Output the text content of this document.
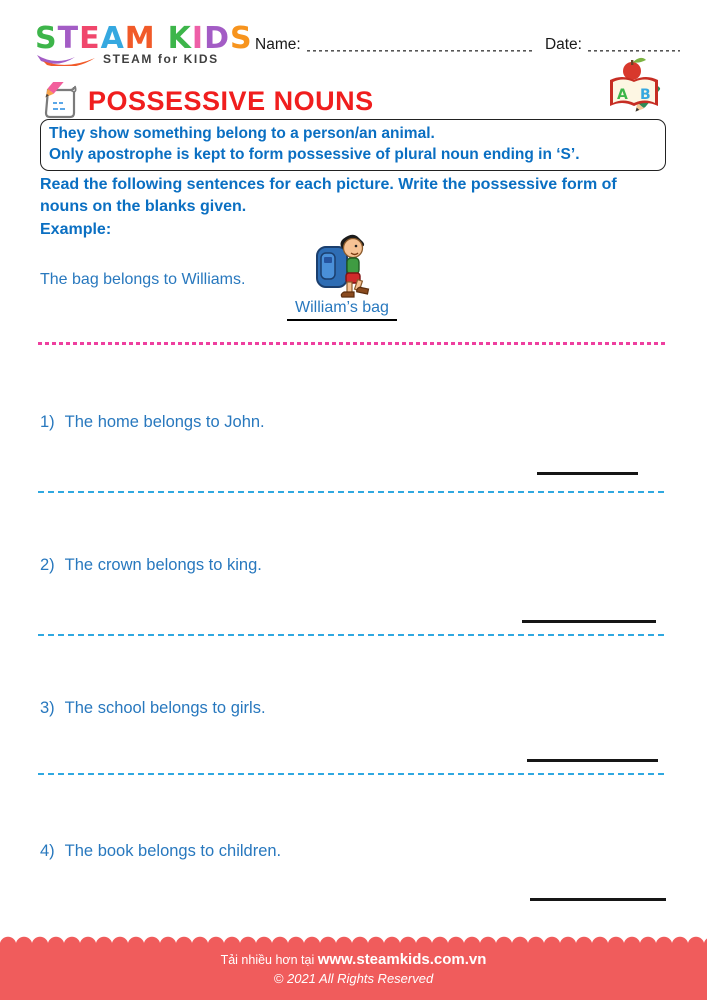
STEAM KIDS
STEAM for KIDS
Name:	Date:
POSSESSIVE NOUNS	A B
They show something belong to a person/an animal.
Only apostrophe is kept to form possessive of plural noun ending in ‘S’.
Read the following sentences for each picture. Write the possessive form of nouns on the blanks given.
Example:
The bag belongs to Williams.
William’s bag
1) The home belongs to John.
2) The crown belongs to king.
3) The school belongs to girls.
4) The book belongs to children.
Tải nhiều hơn tại www.steamkids.com.vn
© 2021 All Rights Reserved
